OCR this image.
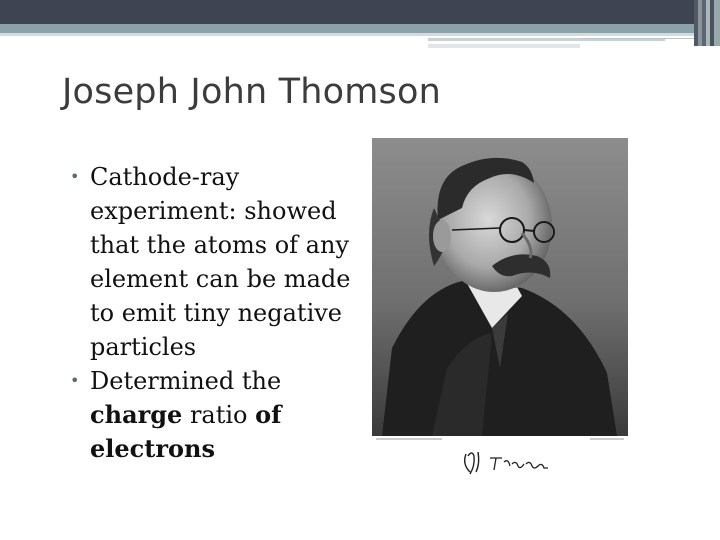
Joseph John Thomson
• Cathode-ray experiment: showed that the atoms of any element can be made to emit tiny negative particles
• Determined the charge ratio of electrons
